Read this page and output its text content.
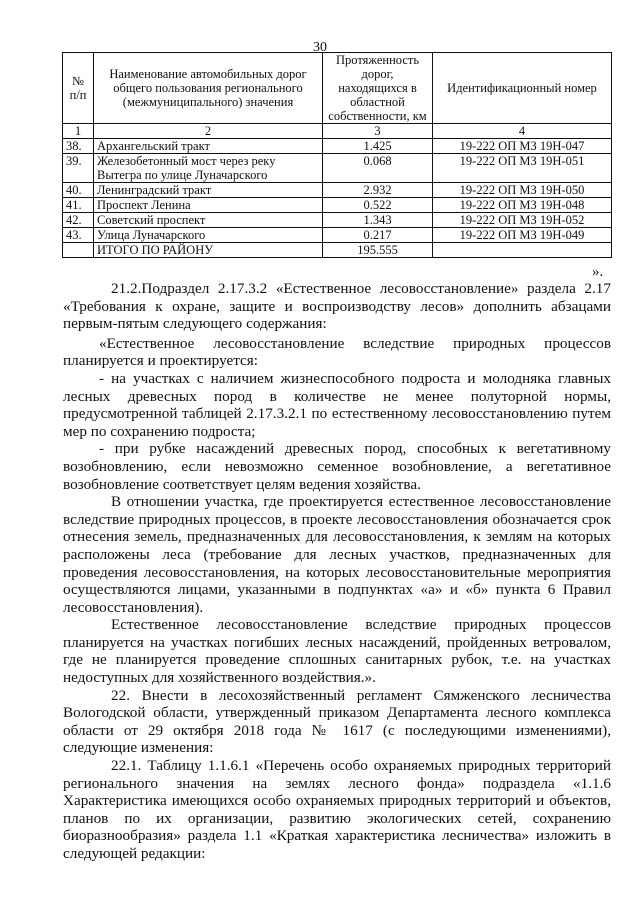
30
№ п/п	Наименование автомобильных дорог общего пользования регионального (межмуниципального) значения	Протяженность дорог, находящихся в областной собственности, км	Идентификационный номер
1	2	3	4
38.	Архангельский тракт	1.425	19-222 ОП МЗ 19Н-047
39.	Железобетонный мост через реку Вытегра по улице Луначарского	0.068	19-222 ОП МЗ 19Н-051
40.	Ленинградский тракт	2.932	19-222 ОП МЗ 19Н-050
41.	Проспект Ленина	0.522	19-222 ОП МЗ 19Н-048
42.	Советский проспект	1.343	19-222 ОП МЗ 19Н-052
43.	Улица Луначарского	0.217	19-222 ОП МЗ 19Н-049
	ИТОГО ПО РАЙОНУ	195.555	
».

21.2.Подраздел 2.17.3.2 «Естественное лесовосстановление» раздела 2.17 «Требования к охране, защите и воспроизводству лесов» дополнить абзацами первым-пятым следующего содержания:

«Естественное лесовосстановление вследствие природных процессов планируется и проектируется:

- на участках с наличием жизнеспособного подроста и молодняка главных лесных древесных пород в количестве не менее полуторной нормы, предусмотренной таблицей 2.17.3.2.1 по естественному лесовосстановлению путем мер по сохранению подроста;

- при рубке насаждений древесных пород, способных к вегетативному возобновлению, если невозможно семенное возобновление, а вегетативное возобновление соответствует целям ведения хозяйства.

В отношении участка, где проектируется естественное лесовосстановление вследствие природных процессов, в проекте лесовосстановления обозначается срок отнесения земель, предназначенных для лесовосстановления, к землям на которых расположены леса (требование для лесных участков, предназначенных для проведения лесовосстановления, на которых лесовосстановительные мероприятия осуществляются лицами, указанными в подпунктах «а» и «б» пункта 6 Правил лесовосстановления).

Естественное лесовосстановление вследствие природных процессов планируется на участках погибших лесных насаждений, пройденных ветровалом, где не планируется проведение сплошных санитарных рубок, т.е. на участках недоступных для хозяйственного воздействия.».

22. Внести в лесохозяйственный регламент Сямженского лесничества Вологодской области, утвержденный приказом Департамента лесного комплекса области от 29 октября 2018 года № 1617 (с последующими изменениями), следующие изменения:

22.1. Таблицу 1.1.6.1 «Перечень особо охраняемых природных территорий регионального значения на землях лесного фонда» подраздела «1.1.6 Характеристика имеющихся особо охраняемых природных территорий и объектов, планов по их организации, развитию экологических сетей, сохранению биоразнообразия» раздела 1.1 «Краткая характеристика лесничества» изложить в следующей редакции:
